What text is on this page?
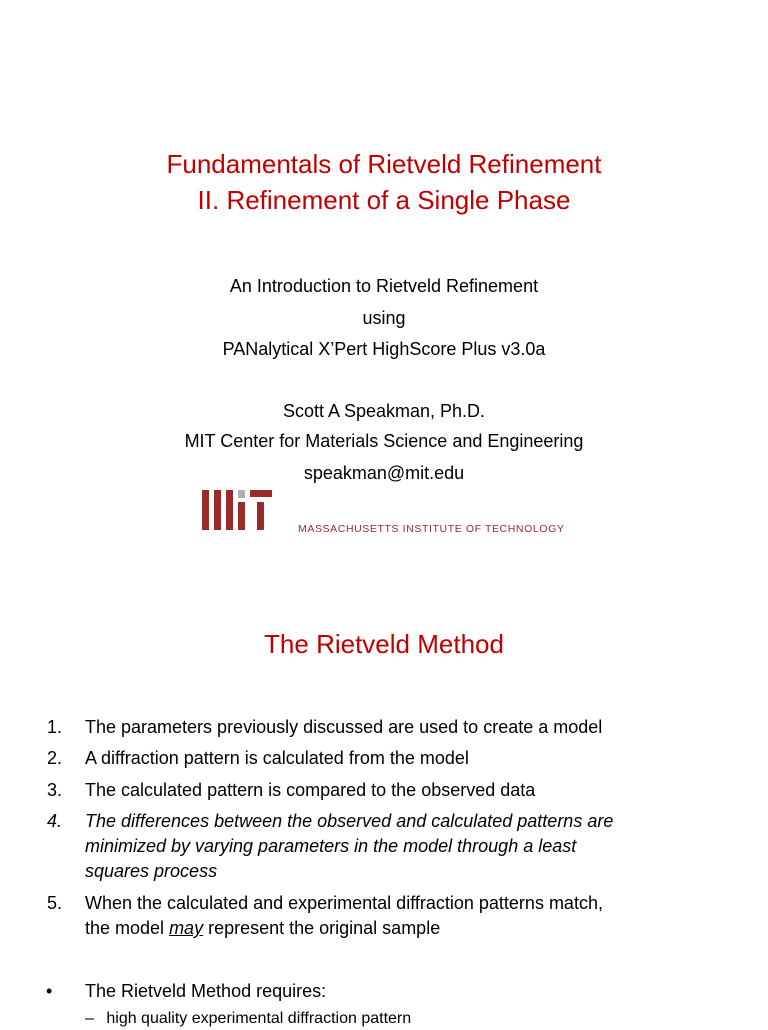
Fundamentals of Rietveld Refinement
II. Refinement of a Single Phase
An Introduction to Rietveld Refinement
using
PANalytical X’Pert HighScore Plus v3.0a
Scott A Speakman, Ph.D.
MIT Center for Materials Science and Engineering
speakman@mit.edu
MASSACHUSETTS INSTITUTE OF TECHNOLOGY
The Rietveld Method
1. The parameters previously discussed are used to create a model
2. A diffraction pattern is calculated from the model
3. The calculated pattern is compared to the observed data
4. The differences between the observed and calculated patterns are
minimized by varying parameters in the model through a least
squares process
5. When the calculated and experimental diffraction patterns match,
the model may represent the original sample
• The Rietveld Method requires:
– high quality experimental diffraction pattern
